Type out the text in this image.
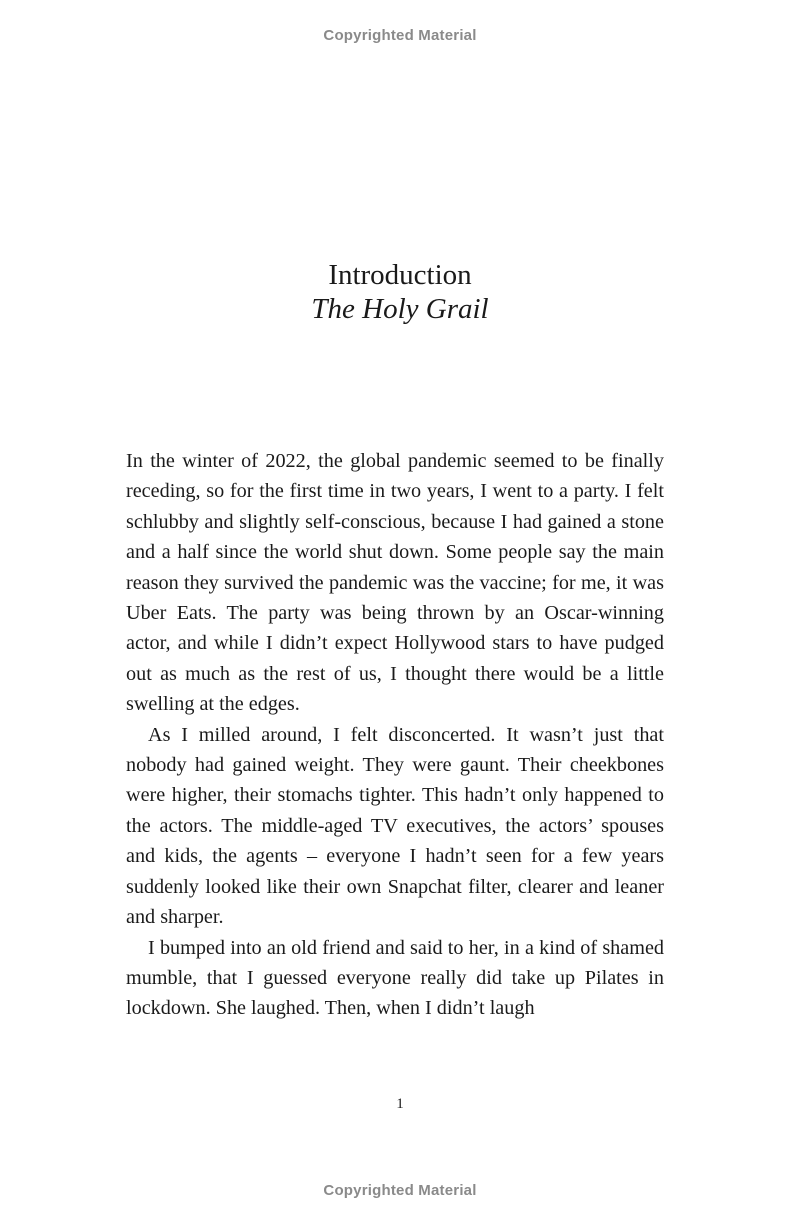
Copyrighted Material
Introduction
The Holy Grail

In the winter of 2022, the global pandemic seemed to be finally receding, so for the first time in two years, I went to a party. I felt schlubby and slightly self-conscious, because I had gained a stone and a half since the world shut down. Some people say the main reason they survived the pandemic was the vaccine; for me, it was Uber Eats. The party was being thrown by an Oscar-winning actor, and while I didn’t expect Hollywood stars to have pudged out as much as the rest of us, I thought there would be a little swelling at the edges.

As I milled around, I felt disconcerted. It wasn’t just that nobody had gained weight. They were gaunt. Their cheekbones were higher, their stomachs tighter. This hadn’t only happened to the actors. The middle-aged TV executives, the actors’ spouses and kids, the agents – everyone I hadn’t seen for a few years suddenly looked like their own Snapchat filter, clearer and leaner and sharper.

I bumped into an old friend and said to her, in a kind of shamed mumble, that I guessed everyone really did take up Pilates in lockdown. She laughed. Then, when I didn’t laugh

1
Copyrighted Material
